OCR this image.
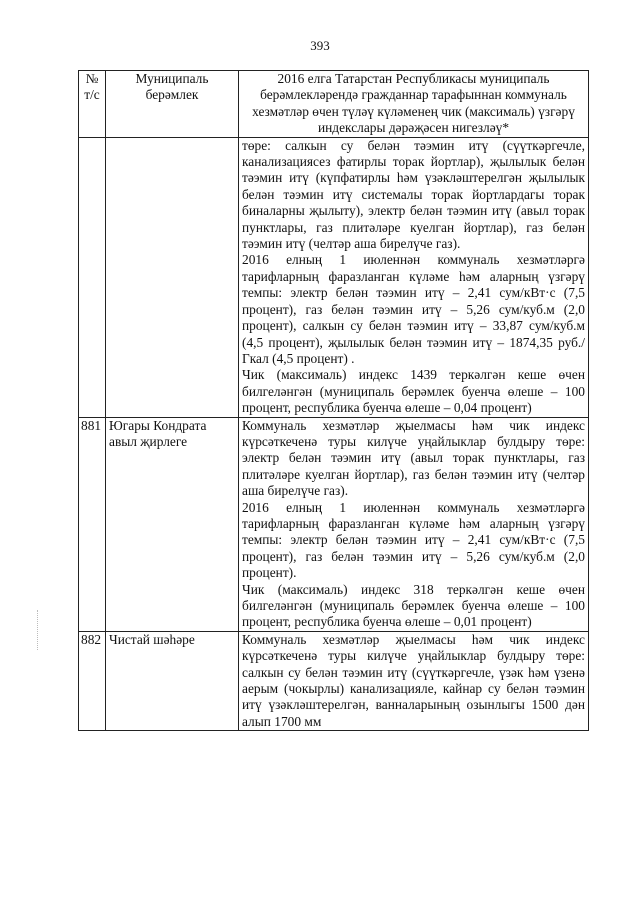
393
№ т/с	Муниципаль берәмлек	2016 елга Татарстан Республикасы муниципаль берәмлекләрендә гражданнар тарафыннан коммуналь хезмәтләр өчен түләү күләменең чик (максималь) үзгәрү индекслары дәрәҗәсен нигезләү*

		төре: салкын су белән тәэмин итү (сүүткәргечле, канализациясез фатирлы торак йортлар), җылылык белән тәэмин итү (күпфатирлы һәм үзәкләштерелгән җылылык белән тәэмин итү системалы торак йортлардагы торак биналарны җылыту), электр белән тәэмин итү (авыл торак пунктлары, газ плитәләре куелган йортлар), газ белән тәэмин итү (челтәр аша бирелүче газ).

2016 елның 1 июленнән коммуналь хезмәтләргә тарифларның фаразланган күләме һәм аларның үзгәрү темпы: электр белән тәэмин итү – 2,41 сум/кВт·с (7,5 процент), газ белән тәэмин итү – 5,26 сум/куб.м (2,0 процент), салкын су белән тәэмин итү – 33,87 сум/куб.м (4,5 процент), җылылык белән тәэмин итү – 1874,35 руб./Гкал (4,5 процент) .

Чик (максималь) индекс 1439 теркәлгән кеше өчен билгеләнгән (муниципаль берәмлек буенча өлеше – 100 процент, республика буенча өлеше – 0,04 процент)

881	Югары Кондрата авыл җирлеге	Коммуналь хезмәтләр җыелмасы һәм чик индекс күрсәткеченә туры килүче уңайлыклар булдыру төре: электр белән тәэмин итү (авыл торак пунктлары, газ плитәләре куелган йортлар), газ белән тәэмин итү (челтәр аша бирелүче газ).

2016 елның 1 июленнән коммуналь хезмәтләргә тарифларның фаразланган күләме һәм аларның үзгәрү темпы: электр белән тәэмин итү – 2,41 сум/кВт·с (7,5 процент), газ белән тәэмин итү – 5,26 сум/куб.м (2,0 процент).

Чик (максималь) индекс 318 теркәлгән кеше өчен билгеләнгән (муниципаль берәмлек буенча өлеше – 100 процент, республика буенча өлеше – 0,01 процент)

882	Чистай шәһәре	Коммуналь хезмәтләр җыелмасы һәм чик индекс күрсәткеченә туры килүче уңайлыклар булдыру төре: салкын су белән тәэмин итү (сүүткәргечле, үзәк һәм үзенә аерым (чокырлы) канализацияле, кайнар су белән тәэмин итү үзәкләштерелгән, ванналарының озынлыгы 1500 дән алып 1700 мм
